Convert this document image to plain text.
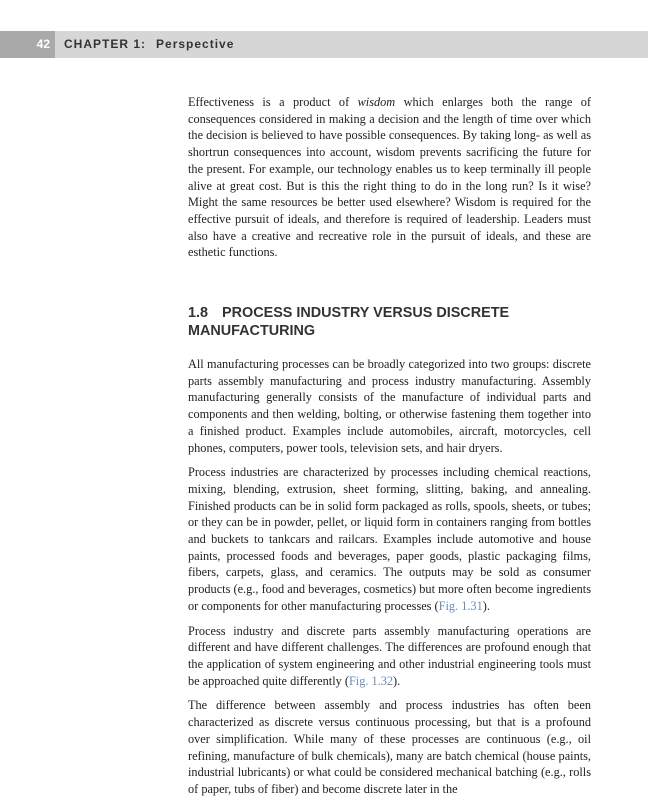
42	CHAPTER 1: Perspective

Effectiveness is a product of wisdom which enlarges both the range of consequences considered in making a decision and the length of time over which the decision is believed to have possible consequences. By taking long- as well as shortrun consequences into account, wisdom prevents sacrificing the future for the present. For example, our technology enables us to keep terminally ill people alive at great cost. But is this the right thing to do in the long run? Is it wise? Might the same resources be better used elsewhere? Wisdom is required for the effective pursuit of ideals, and therefore is required of leadership. Leaders must also have a creative and recreative role in the pursuit of ideals, and these are esthetic functions.

1.8 PROCESS INDUSTRY VERSUS DISCRETE MANUFACTURING

All manufacturing processes can be broadly categorized into two groups: discrete parts assembly manufacturing and process industry manufacturing. Assembly manufacturing generally consists of the manufacture of individual parts and components and then welding, bolting, or otherwise fastening them together into a finished product. Examples include automobiles, aircraft, motorcycles, cell phones, computers, power tools, television sets, and hair dryers.

Process industries are characterized by processes including chemical reactions, mixing, blending, extrusion, sheet forming, slitting, baking, and annealing. Finished products can be in solid form packaged as rolls, spools, sheets, or tubes; or they can be in powder, pellet, or liquid form in containers ranging from bottles and buckets to tankcars and railcars. Examples include automotive and house paints, processed foods and beverages, paper goods, plastic packaging films, fibers, carpets, glass, and ceramics. The outputs may be sold as consumer products (e.g., food and beverages, cosmetics) but more often become ingredients or components for other manufacturing processes (Fig. 1.31).

Process industry and discrete parts assembly manufacturing operations are different and have different challenges. The differences are profound enough that the application of system engineering and other industrial engineering tools must be approached quite differently (Fig. 1.32).

The difference between assembly and process industries has often been characterized as discrete versus continuous processing, but that is a profound over simplification. While many of these processes are continuous (e.g., oil refining, manufacture of bulk chemicals), many are batch chemical (house paints, industrial lubricants) or what could be considered mechanical batching (e.g., rolls of paper, tubs of fiber) and become discrete later in the
